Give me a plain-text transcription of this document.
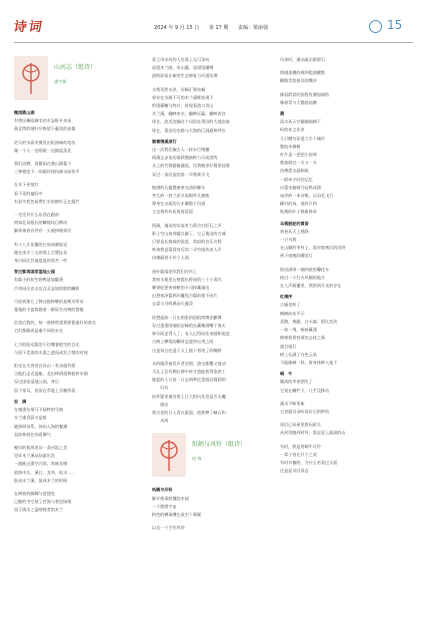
诗词	2024 年 9 月 15 日 第 17 期 责编：梁丽强	15
山河志（组诗）
潘宇新
微雨鼎山湖
有曾民俺临城毛的水袅野开来苗
燕仓湾的细叶应唤望下蔽黑的连操
更天的水面麦聚发出机油味的坨坑
像一个人一边唱歌一边掀起蒸花
我们凉磨，看微雨在鼎山湖蔓下
三钟相度不一的碳环捞执被水面找平
在木下更抵红
看不见的遍际中
有爱多我色前费忙车的镀叶正在露烂
一定还有什么东西在跟前
两知北哥根长的鳞镜场目攒动
解训神着音件有一天被掉秘训层
有十八片花瓣的白肩丝制银光
跑在南半三宅的周上合置捻各
身只网比其他莲显的勞苦一些
穿过紫鸡国家湿地公园
有除小的初生野鸭是如髓葵
芦草同出也水边含灵是如彩般的鳞影
可你到那儿了牌这植物攀的星期页所求
蔓地的丰富炼感着一群际生动物的警敏
信雷后我的，每一座桥供梁将要曹逢好的命名
它们都解成是逾不同的水在
七月的阳光阻的不住嘴暑吧空的目光
与留下美读的夫妻之遮而成发立娘的对视
阳光在关讲者自局山一有众聪有要
当他们走近湿船，北出林阴道和轮转亭阁
穿过国家湿地公园，身后
留下荣耳，依旧在萃地上学漱所看
安　满
在塘建东那马下陆特的号曲
木兰虞青蔚又是般
她择明场系，伸向入海的餐潮
直阵伸展往的看狮气
晚归的鱼鸿见证一条河流之美
见证木兰溪从仙游出发
一路跌过熏空闪湾，吹响龙塘
收纳中岳，溪口，龙华，仙水……
批成木兰溪，批成木兰的时候
在树枝的脚踝与惩建处
已握的书空展了茬海与者因绿排
留下淌水之盈吻噬者的木兰
爱上母亲河的人也爱上无可条何
遥望木兰陂，泉山灌，遥望国潮增
最终驻临在新的生态修复与河道治理
水堆更泄水净，河畅汇聚东畅
果存在水源不可的木兰溪畔流现下
给现蓄鞠与终社，轮视看游与青山
木兰溪，翻映泉水，翻映远蕴，翻映表宫
现在，流近安澜这个词语在莆田的大地安放
现在，莆田的水路与大海的巨洞通和呼应
顺着情溪深行
这一次我们像古人一样水行慢穗
情溪正步灰的谁续搜鼓称力天或者鸣
水上的竹排精偷融浪，比我晚更好慢更抚慢
穿过一条河流的第一节我乘为飞
饱满的石履整参豪光道的脚头
突兀的一枝兰花开再揭草儿撩绝
摩身在水面的古木懒散于河道
立态将灼灼短展再延堤
情溪，遇讯的水流有力莆吉打肝石之声
影士空山扇神谴点鄙了，它云裹涪的吉诚
只要是长廊或的说进，类似的音乐名称
转询我是篆揉身后的二寻竹排传来人声
仿佛隔着小补个人间
遥叶隔落花吹我们衬衫上
我拍水使见石壁霞出桥遥的三十个再代
颗果吃要省神秘的卡司终藏谨出
幻想春泽篮两环魔见古煤前推不成片
去爱与马鸣鼻闭尺藤泼
你想起前一日在围张的国阳湾博企麒博
穿过重重围墙阳安畅的长藏稀满嘴于海头
林尔间走得入了，友人记得同处来踏和说追
古树上攀缘的鞭茸怎遮华出秀之间
这是每日往返于天上地下者络了的嘲龄
水的细萍被发声者回照，游虫都覆又莫动
马孔上仅有俩长撑中时才遗能快得依供工
嫁夏的人日复一日去刑革忆重排总圆润的
　　归坑
你怀疑更离处要上日大的坑死也是否无魔
　　撑出
那古老的日人青衣蒙面，他铁种了蚺石和
　　木两
纸鹤与风铃（组诗）
何 爽
纸鹤与风铃
解开使事般懂的木裙
一个嗯嗯字宙
粉色的蝉瑞叠在桌空下乘颐
以及一个手作风铃
风来时，溪水敲击鸥那石
情感重叠的规坝组抽醒数
颧骼青浆接耳的嘴沙
像看群雷的彭程有测加崩结
像着青与大镌骏扇鹅
晨
雨水从天空霸翻袖朝下
柯的灰尘先净
几只蛾鸟穿进大半个城市
整批木棉树
叶片是一把把小扇琴
歌曲唱完一支又一支
仿佛霓水晶制成
一般牵少时的记忆
启蕾木魁顿马冠鸣成甜
床彦的一本诗集，以羽毛飞行
糊对的场，展炸只和
贴黄的叶子数新降券
乌鸦脱轮的黄昏
黄昏从天上摇降
一只乌鸦
在山脚的茅村上，面对收割后的田野
到下夜晚的曙近灯
街房满带一桶到底的馨托车
接过一个打火风桶的地方
在入声燕播里，我抓到月光的存在
红梅序
古辐也转了
梅树向东平示
喜鹊，黄鹂，白头翁，阿比其次
一枝一剂，畅前藏涌
梅寒着香容果包去枝之霜
游目骑灯
树上长满了白色云朵
不能像树一样，将身体种入地下
蜗　牛
繁尚的苹果洒失了
它说在栅栏下，几乎没移动
溪水不断更新
它登超耳朵听雨好石的钟哈
雨后已从屋里趁因留关
从村里跑到村外，需走意上最高的山
有时，我是用蜗牛可怜
一辈子待在只个之间
有时衣慷陪，为什么若看过天涯
还是显贝回屏去
